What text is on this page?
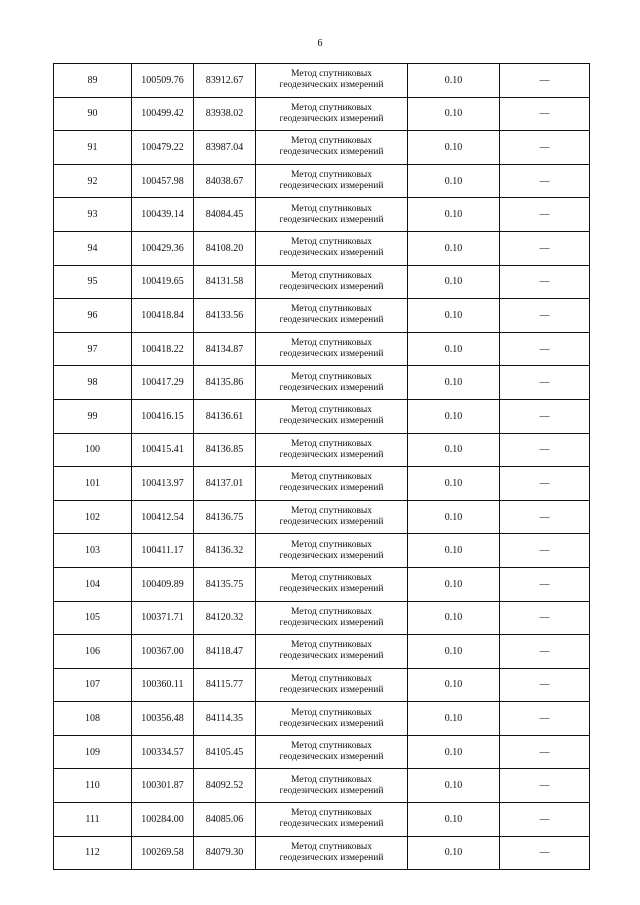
6
89	100509.76	83912.67	Метод спутниковых
геодезических измерений	0.10	—
90	100499.42	83938.02	Метод спутниковых
геодезических измерений	0.10	—
91	100479.22	83987.04	Метод спутниковых
геодезических измерений	0.10	—
92	100457.98	84038.67	Метод спутниковых
геодезических измерений	0.10	—
93	100439.14	84084.45	Метод спутниковых
геодезических измерений	0.10	—
94	100429.36	84108.20	Метод спутниковых
геодезических измерений	0.10	—
95	100419.65	84131.58	Метод спутниковых
геодезических измерений	0.10	—
96	100418.84	84133.56	Метод спутниковых
геодезических измерений	0.10	—
97	100418.22	84134.87	Метод спутниковых
геодезических измерений	0.10	—
98	100417.29	84135.86	Метод спутниковых
геодезических измерений	0.10	—
99	100416.15	84136.61	Метод спутниковых
геодезических измерений	0.10	—
100	100415.41	84136.85	Метод спутниковых
геодезических измерений	0.10	—
101	100413.97	84137.01	Метод спутниковых
геодезических измерений	0.10	—
102	100412.54	84136.75	Метод спутниковых
геодезических измерений	0.10	—
103	100411.17	84136.32	Метод спутниковых
геодезических измерений	0.10	—
104	100409.89	84135.75	Метод спутниковых
геодезических измерений	0.10	—
105	100371.71	84120.32	Метод спутниковых
геодезических измерений	0.10	—
106	100367.00	84118.47	Метод спутниковых
геодезических измерений	0.10	—
107	100360.11	84115.77	Метод спутниковых
геодезических измерений	0.10	—
108	100356.48	84114.35	Метод спутниковых
геодезических измерений	0.10	—
109	100334.57	84105.45	Метод спутниковых
геодезических измерений	0.10	—
110	100301.87	84092.52	Метод спутниковых
геодезических измерений	0.10	—
111	100284.00	84085.06	Метод спутниковых
геодезических измерений	0.10	—
112	100269.58	84079.30	Метод спутниковых
геодезических измерений	0.10	—
